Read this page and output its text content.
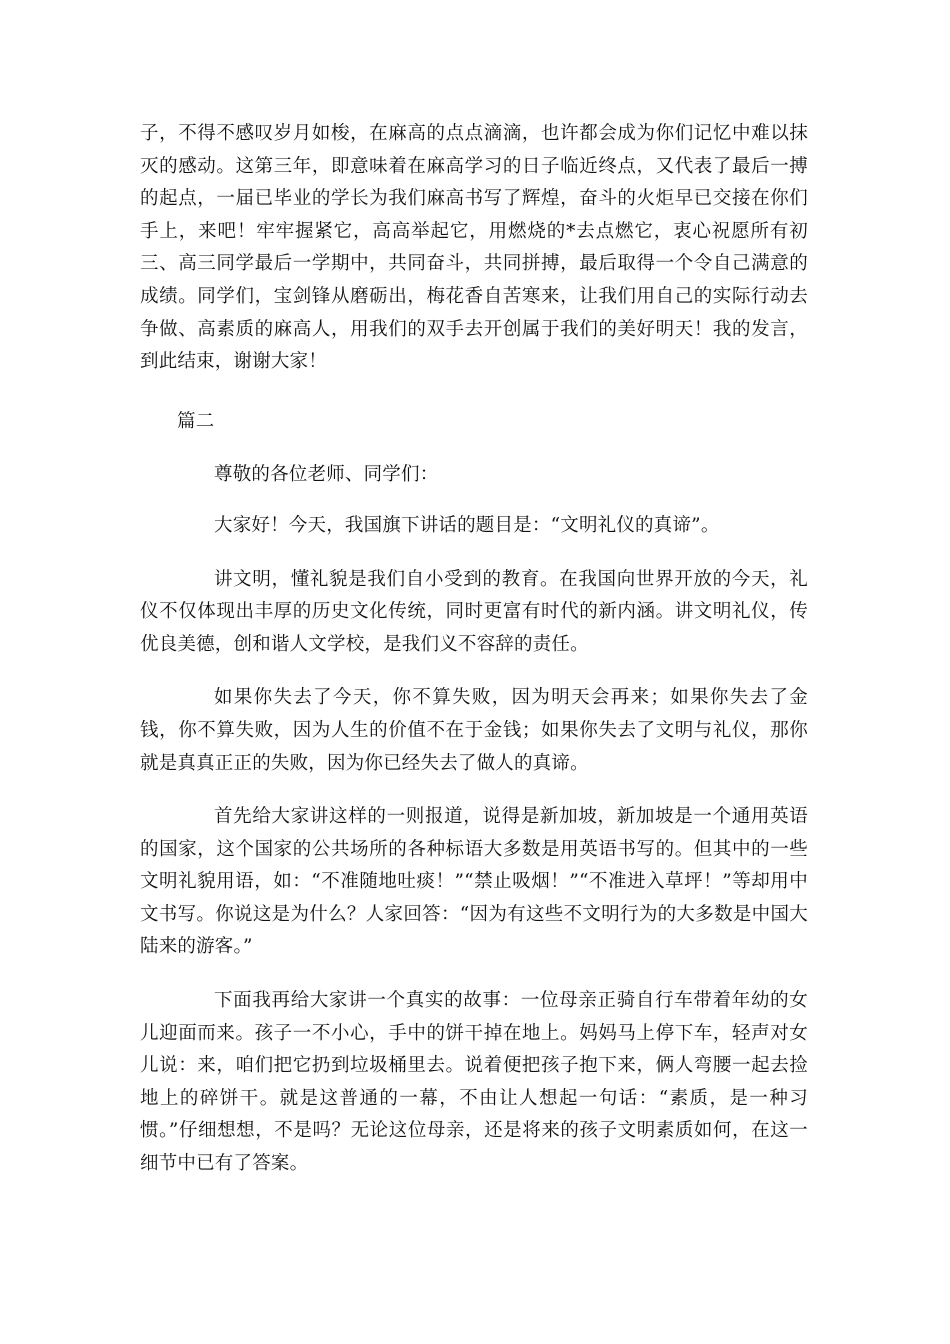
子，不得不感叹岁月如梭，在麻高的点点滴滴，也许都会成为你们记忆中难以抹灭的感动。这第三年，即意味着在麻高学习的日子临近终点，又代表了最后一搏的起点，一届已毕业的学长为我们麻高书写了辉煌，奋斗的火炬早已交接在你们手上，来吧！牢牢握紧它，高高举起它，用燃烧的*去点燃它，衷心祝愿所有初三、高三同学最后一学期中，共同奋斗，共同拼搏，最后取得一个令自己满意的成绩。同学们，宝剑锋从磨砺出，梅花香自苦寒来，让我们用自己的实际行动去争做、高素质的麻高人，用我们的双手去开创属于我们的美好明天！我的发言，到此结束，谢谢大家！

篇二

尊敬的各位老师、同学们：

大家好！今天，我国旗下讲话的题目是：“文明礼仪的真谛”。

讲文明，懂礼貌是我们自小受到的教育。在我国向世界开放的今天，礼仪不仅体现出丰厚的历史文化传统，同时更富有时代的新内涵。讲文明礼仪，传优良美德，创和谐人文学校，是我们义不容辞的责任。

如果你失去了今天，你不算失败，因为明天会再来；如果你失去了金钱，你不算失败，因为人生的价值不在于金钱；如果你失去了文明与礼仪，那你就是真真正正的失败，因为你已经失去了做人的真谛。

首先给大家讲这样的一则报道，说得是新加坡，新加坡是一个通用英语的国家，这个国家的公共场所的各种标语大多数是用英语书写的。但其中的一些文明礼貌用语，如：“不准随地吐痰！”“禁止吸烟！”“不准进入草坪！”等却用中文书写。你说这是为什么？人家回答：“因为有这些不文明行为的大多数是中国大陆来的游客。”

下面我再给大家讲一个真实的故事：一位母亲正骑自行车带着年幼的女儿迎面而来。孩子一不小心，手中的饼干掉在地上。妈妈马上停下车，轻声对女儿说：来，咱们把它扔到垃圾桶里去。说着便把孩子抱下来，俩人弯腰一起去捡地上的碎饼干。就是这普通的一幕，不由让人想起一句话：“素质，是一种习惯。”仔细想想，不是吗？无论这位母亲，还是将来的孩子文明素质如何，在这一细节中已有了答案。
